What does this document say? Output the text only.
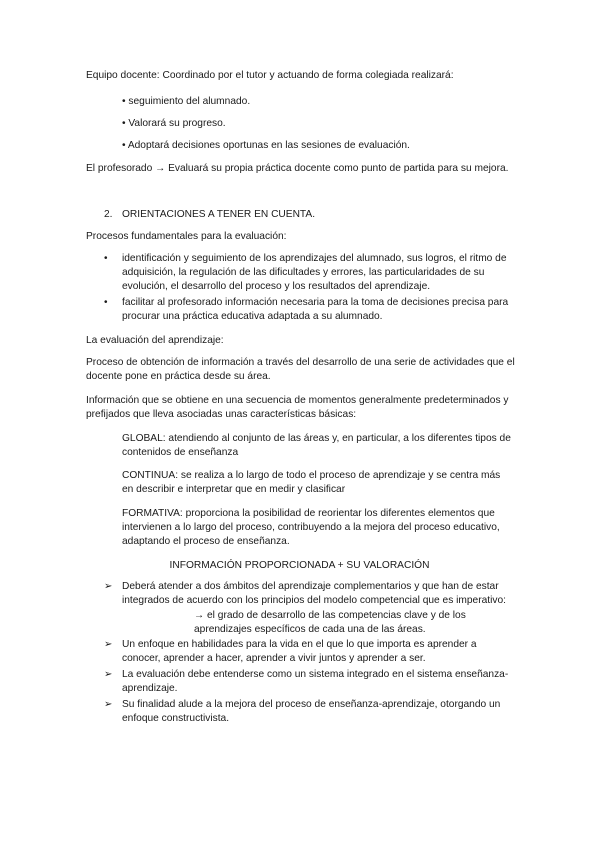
Equipo docente: Coordinado por el tutor y actuando de forma colegiada realizará:
• seguimiento del alumnado.
• Valorará su progreso.
• Adoptará decisiones oportunas en las sesiones de evaluación.
El profesorado → Evaluará su propia práctica docente como punto de partida para su mejora.
2. ORIENTACIONES A TENER EN CUENTA.
Procesos fundamentales para la evaluación:
• identificación y seguimiento de los aprendizajes del alumnado, sus logros, el ritmo de adquisición, la regulación de las dificultades y errores, las particularidades de su evolución, el desarrollo del proceso y los resultados del aprendizaje.
• facilitar al profesorado información necesaria para la toma de decisiones precisa para procurar una práctica educativa adaptada a su alumnado.
La evaluación del aprendizaje:
Proceso de obtención de información a través del desarrollo de una serie de actividades que el docente pone en práctica desde su área.
Información que se obtiene en una secuencia de momentos generalmente predeterminados y prefijados que lleva asociadas unas características básicas:
GLOBAL: atendiendo al conjunto de las áreas y, en particular, a los diferentes tipos de contenidos de enseñanza
CONTINUA: se realiza a lo largo de todo el proceso de aprendizaje y se centra más en describir e interpretar que en medir y clasificar
FORMATIVA: proporciona la posibilidad de reorientar los diferentes elementos que intervienen a lo largo del proceso, contribuyendo a la mejora del proceso educativo, adaptando el proceso de enseñanza.
INFORMACIÓN PROPORCIONADA + SU VALORACIÓN
➢ Deberá atender a dos ámbitos del aprendizaje complementarios y que han de estar integrados de acuerdo con los principios del modelo competencial que es imperativo:
→ el grado de desarrollo de las competencias clave y de los aprendizajes específicos de cada una de las áreas.
➢ Un enfoque en habilidades para la vida en el que lo que importa es aprender a conocer, aprender a hacer, aprender a vivir juntos y aprender a ser.
➢ La evaluación debe entenderse como un sistema integrado en el sistema enseñanza-aprendizaje.
➢ Su finalidad alude a la mejora del proceso de enseñanza-aprendizaje, otorgando un enfoque constructivista.
